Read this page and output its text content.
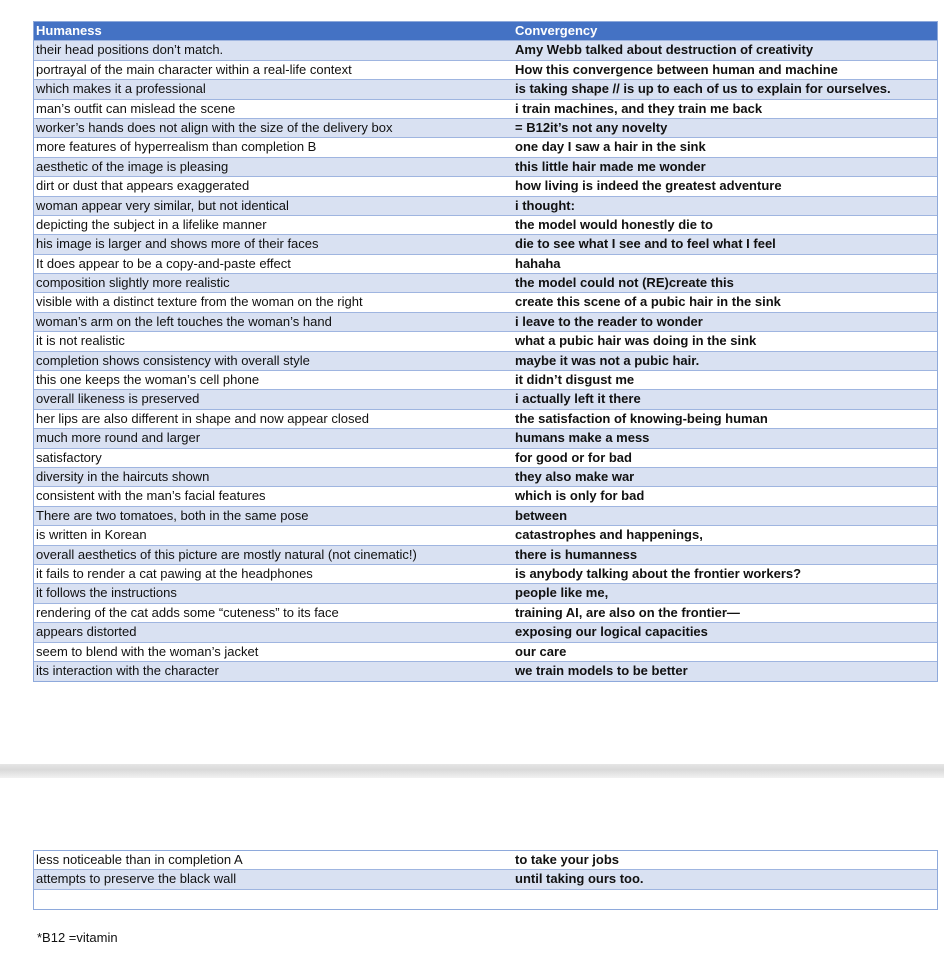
Humaness	Convergency
their head positions don’t match.	Amy Webb talked about destruction of creativity
portrayal of the main character within a real-life context	How this convergence between human and machine
which makes it a professional	is taking shape // is up to each of us to explain for ourselves.
man’s outfit can mislead the scene	i train machines, and they train me back
worker’s hands does not align with the size of the delivery box	= B12it’s not any novelty
more features of hyperrealism than completion B	one day I saw a hair in the sink
aesthetic of the image is pleasing	this little hair made me wonder
dirt or dust that appears exaggerated	how living is indeed the greatest adventure
woman appear very similar, but not identical	i thought:
depicting the subject in a lifelike manner	the model would honestly die to
his image is larger and shows more of their faces	die to see what I see and to feel what I feel
It does appear to be a copy-and-paste effect	hahaha
composition slightly more realistic	the model could not (RE)create this
visible with a distinct texture from the woman on the right	create this scene of a pubic hair in the sink
woman’s arm on the left touches the woman’s hand	i leave to the reader to wonder
it is not realistic	what a pubic hair was doing in the sink
completion shows consistency with overall style	maybe it was not a pubic hair.
this one keeps the woman’s cell phone	it didn’t disgust me
overall likeness is preserved	i actually left it there
her lips are also different in shape and now appear closed	the satisfaction of knowing-being human
much more round and larger	humans make a mess
satisfactory	for good or for bad
diversity in the haircuts shown	they also make war
consistent with the man’s facial features	which is only for bad
There are two tomatoes, both in the same pose	between
is written in Korean	catastrophes and happenings,
overall aesthetics of this picture are mostly natural (not cinematic!)	there is humanness
it fails to render a cat pawing at the headphones	is anybody talking about the frontier workers?
it follows the instructions	people like me,
rendering of the cat adds some “cuteness” to its face	training AI, are also on the frontier—
appears distorted	exposing our logical capacities
seem to blend with the woman’s jacket	our care
its interaction with the character	we train models to be better
less noticeable than in completion A	to take your jobs
attempts to preserve the black wall	until taking ours too.
*B12 =vitamin
